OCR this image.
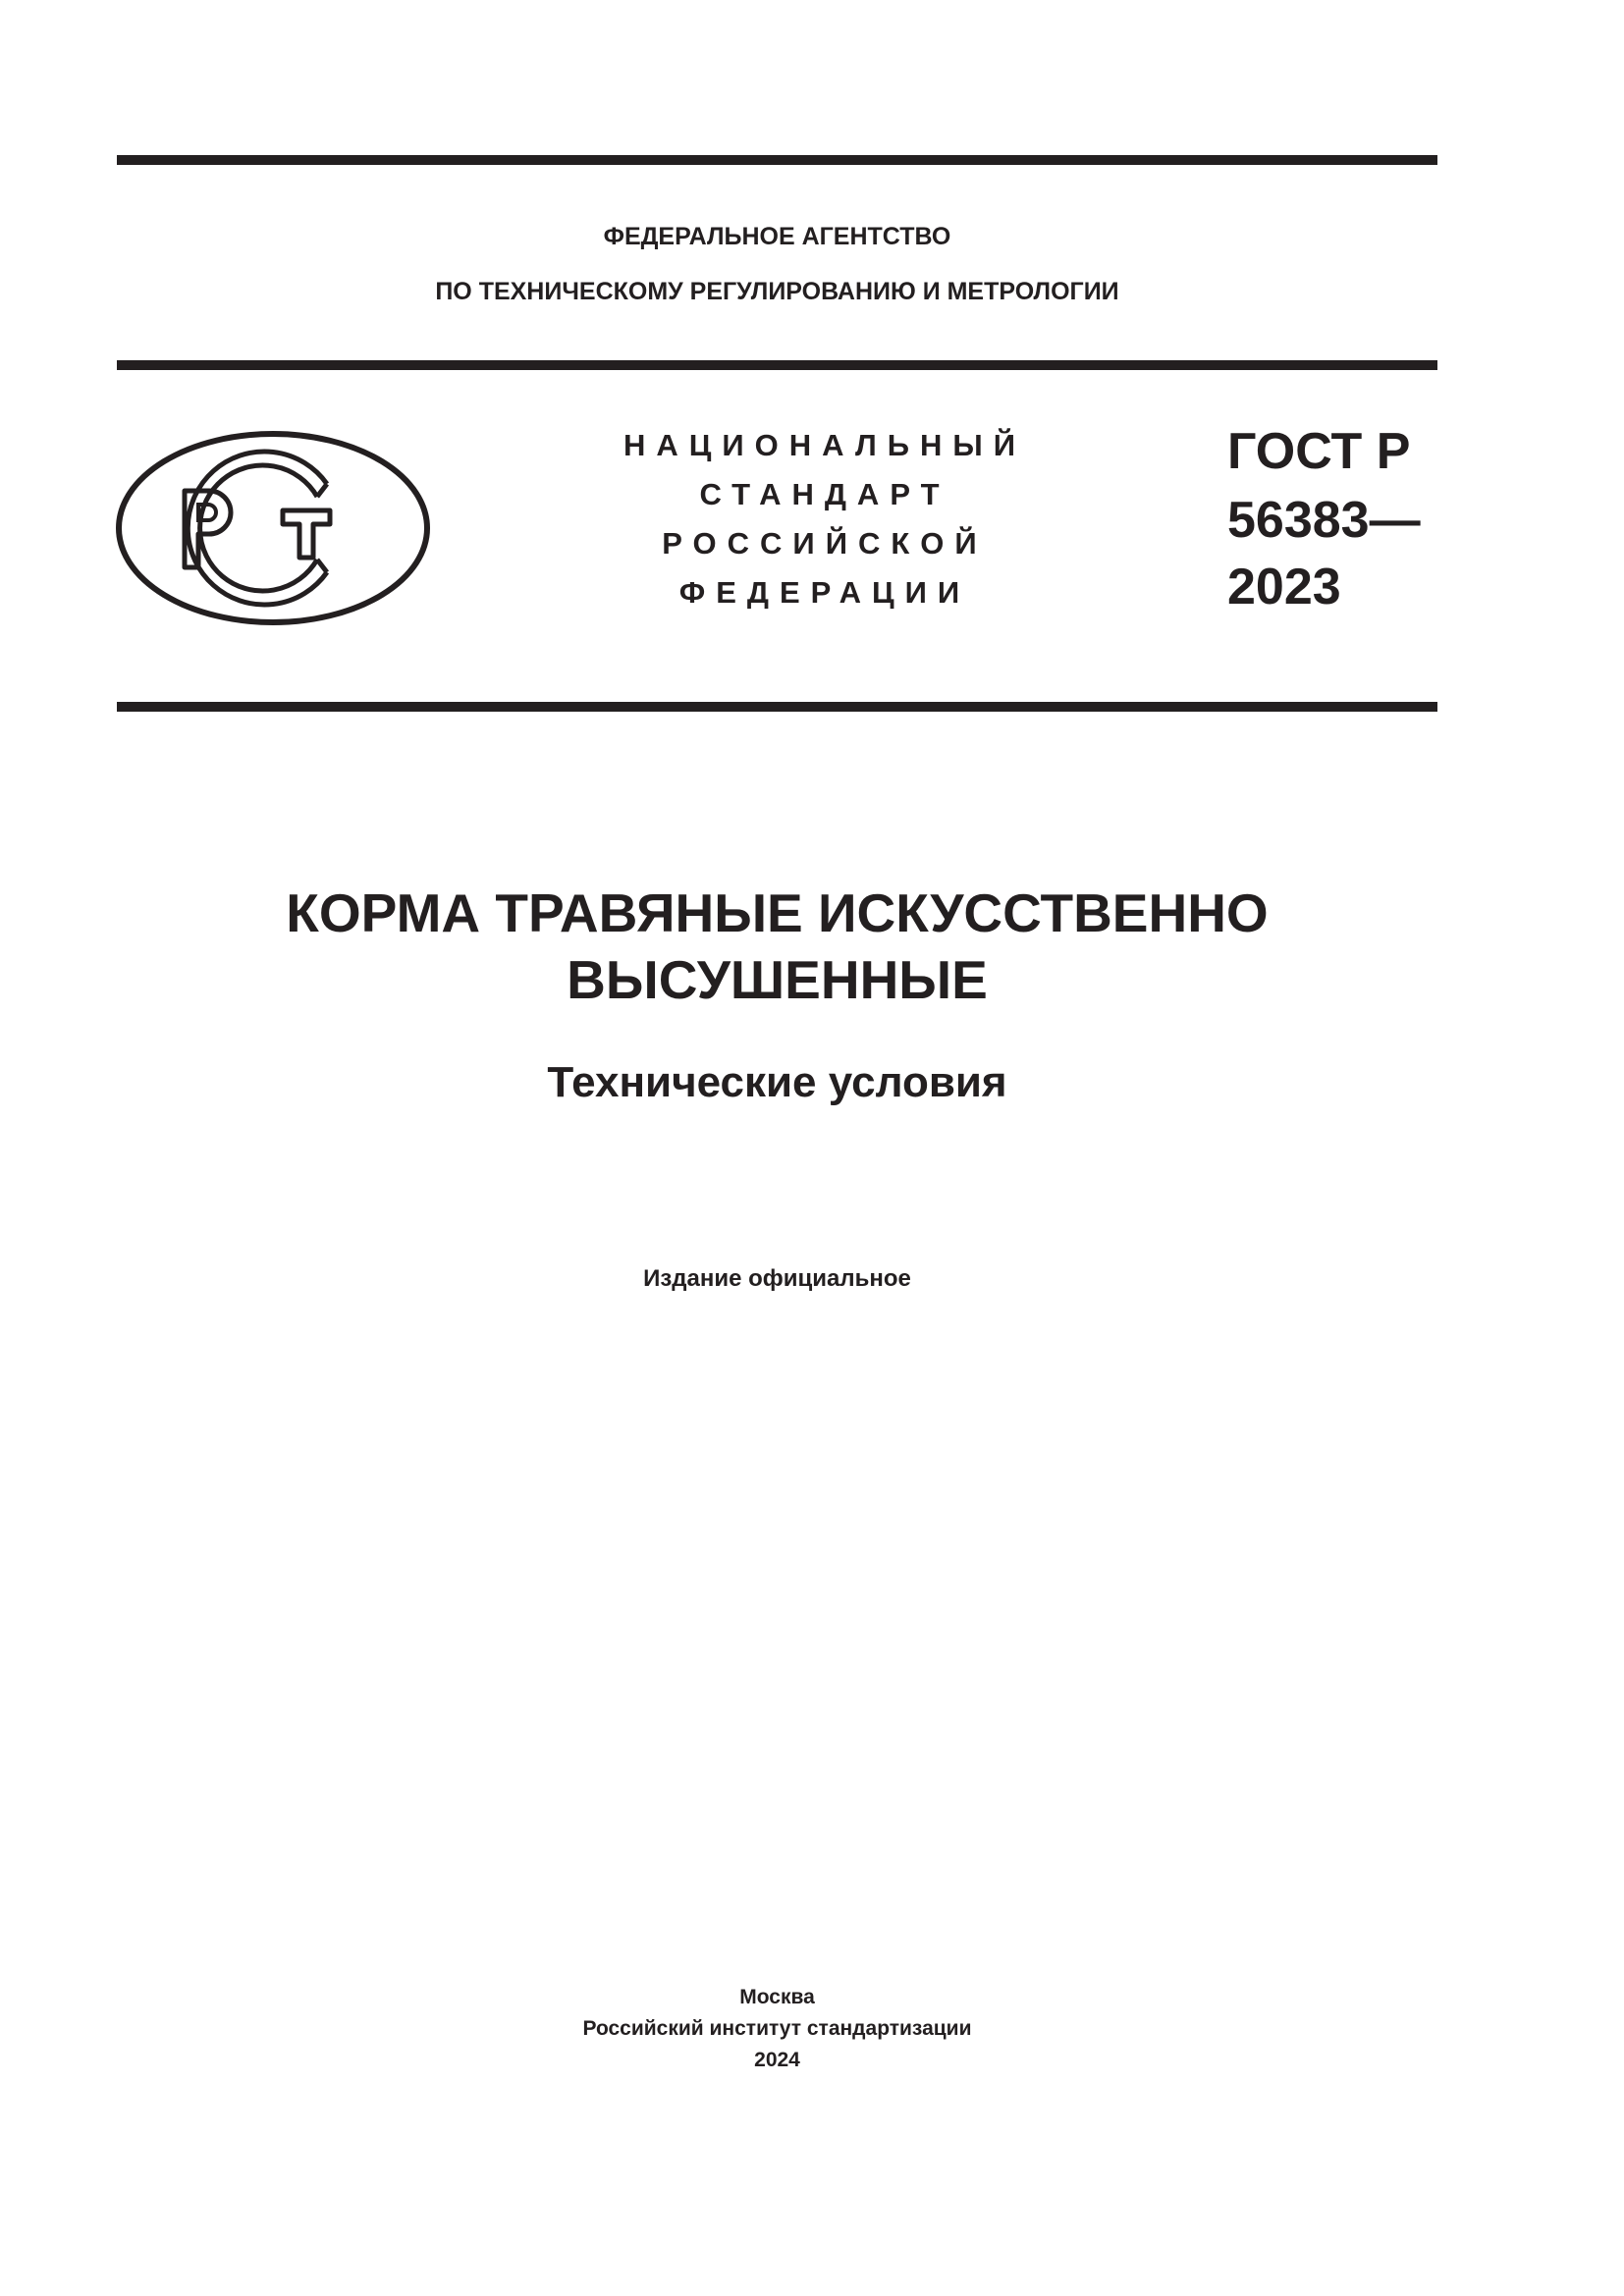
ФЕДЕРАЛЬНОЕ АГЕНТСТВО
ПО ТЕХНИЧЕСКОМУ РЕГУЛИРОВАНИЮ И МЕТРОЛОГИИ
НАЦИОНАЛЬНЫЙ
СТАНДАРТ
РОССИЙСКОЙ
ФЕДЕРАЦИИ
ГОСТ Р
56383—
2023
КОРМА ТРАВЯНЫЕ ИСКУССТВЕННО
ВЫСУШЕННЫЕ
Технические условия
Издание официальное
Москва
Российский институт стандартизации
2024
